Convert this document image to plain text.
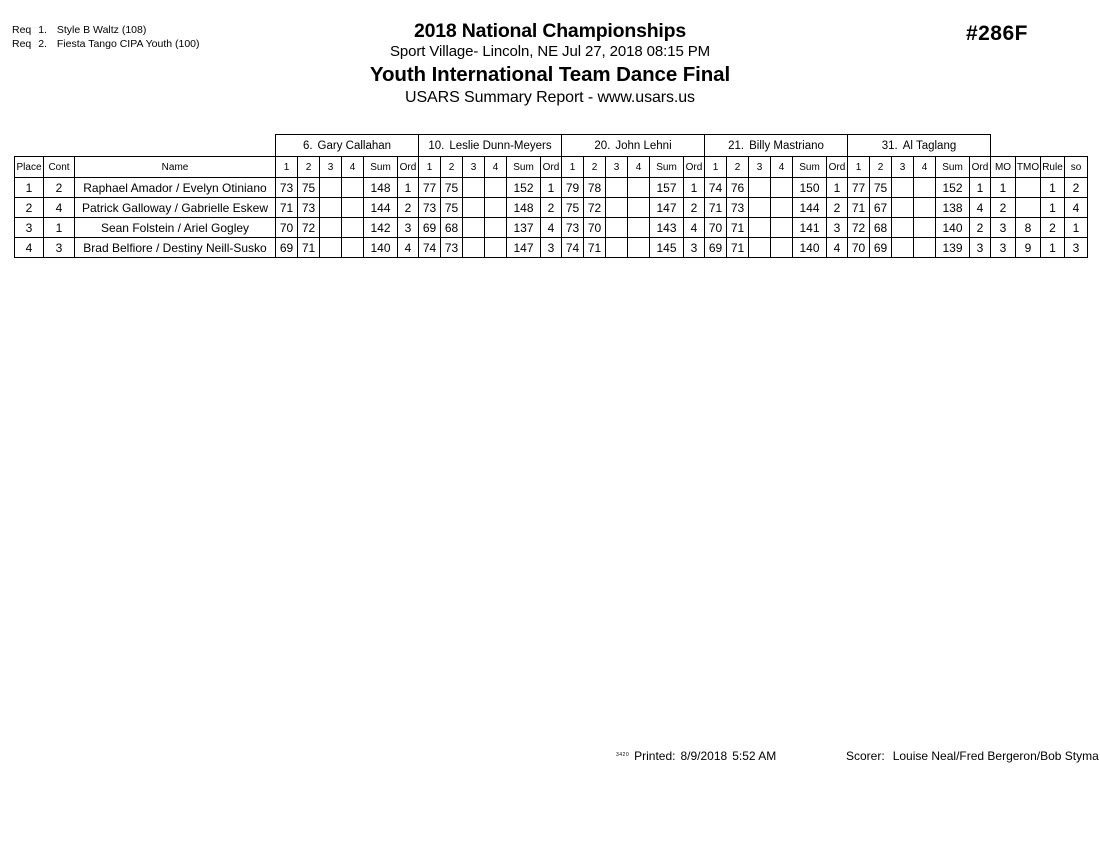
Req 1. Style B Waltz (108)
Req 2. Fiesta Tango CIPA Youth (100)
2018 National Championships
Sport Village- Lincoln, NE Jul 27, 2018 08:15 PM
Youth International Team Dance Final
USARS Summary Report - www.usars.us
#286F
			6. Gary Callahan						10. Leslie Dunn-Meyers						20. John Lehni						21. Billy Mastriano						31. Al Taglang									
Place	Cont	Name	1	2	3	4	Sum	Ord	1	2	3	4	Sum	Ord	1	2	3	4	Sum	Ord	1	2	3	4	Sum	Ord	1	2	3	4	Sum	Ord	MO	TMO	Rule	so
1	2	Raphael Amador / Evelyn Otiniano	73	75			148	1	77	75			152	1	79	78			157	1	74	76			150	1	77	75			152	1	1		1	2
2	4	Patrick Galloway / Gabrielle Eskew	71	73			144	2	73	75			148	2	75	72			147	2	71	73			144	2	71	67			138	4	2		1	4
3	1	Sean Folstein / Ariel Gogley	70	72			142	3	69	68			137	4	73	70			143	4	70	71			141	3	72	68			140	2	3	8	2	1
4	3	Brad Belfiore / Destiny Neill-Susko	69	71			140	4	74	73			147	3	74	71			145	3	69	71			140	4	70	69			139	3	3	9	1	3
$^{3420}$ Printed: 8/9/2018 5:52 AM	Scorer: Louise Neal/Fred Bergeron/Bob Styma
